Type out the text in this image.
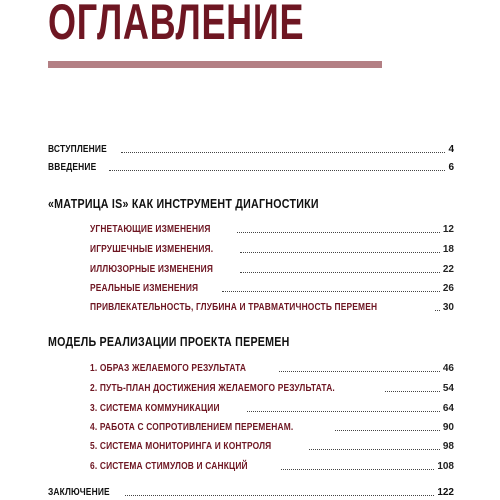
ОГЛАВЛЕНИЕ
ВСТУПЛЕНИЕ	4
ВВЕДЕНИЕ	6
«МАТРИЦА IS» КАК ИНСТРУМЕНТ ДИАГНОСТИКИ
УГНЕТАЮЩИЕ ИЗМЕНЕНИЯ	12
ИГРУШЕЧНЫЕ ИЗМЕНЕНИЯ.	18
ИЛЛЮЗОРНЫЕ ИЗМЕНЕНИЯ	22
РЕАЛЬНЫЕ ИЗМЕНЕНИЯ	26
ПРИВЛЕКАТЕЛЬНОСТЬ, ГЛУБИНА И ТРАВМАТИЧНОСТЬ ПЕРЕМЕН	30
МОДЕЛЬ РЕАЛИЗАЦИИ ПРОЕКТА ПЕРЕМЕН
1. ОБРАЗ ЖЕЛАЕМОГО РЕЗУЛЬТАТА	46
2. ПУТЬ-ПЛАН ДОСТИЖЕНИЯ ЖЕЛАЕМОГО РЕЗУЛЬТАТА.	54
3. СИСТЕМА КОММУНИКАЦИИ	64
4. РАБОТА С СОПРОТИВЛЕНИЕМ ПЕРЕМЕНАМ.	90
5. СИСТЕМА МОНИТОРИНГА И КОНТРОЛЯ	98
6. СИСТЕМА СТИМУЛОВ И САНКЦИЙ	108
ЗАКЛЮЧЕНИЕ	122
